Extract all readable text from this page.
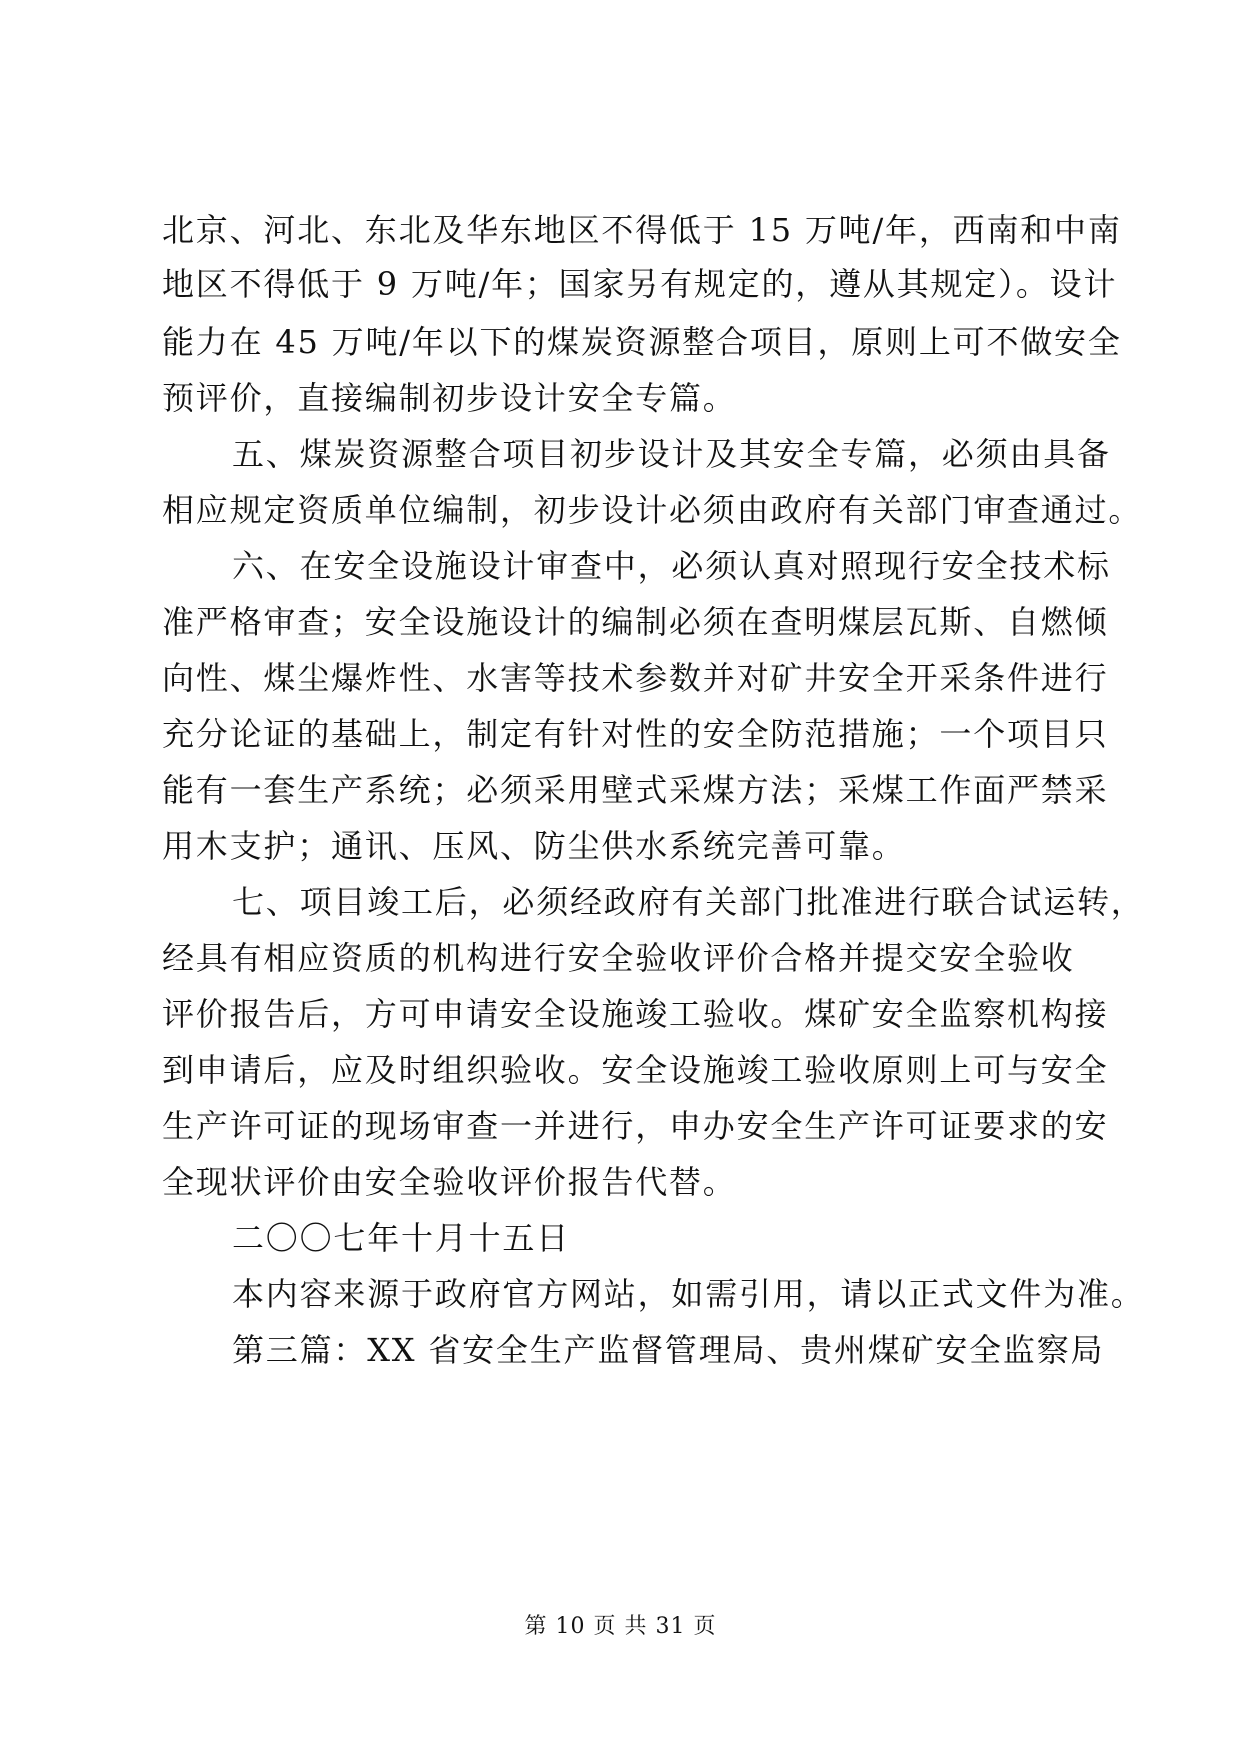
北京、河北、东北及华东地区不得低于 15 万吨/年，西南和中南
地区不得低于 9 万吨/年；国家另有规定的，遵从其规定）。设计
能力在 45 万吨/年以下的煤炭资源整合项目，原则上可不做安全
预评价，直接编制初步设计安全专篇。
五、煤炭资源整合项目初步设计及其安全专篇，必须由具备
相应规定资质单位编制，初步设计必须由政府有关部门审查通过。
六、在安全设施设计审查中，必须认真对照现行安全技术标
准严格审查；安全设施设计的编制必须在查明煤层瓦斯、自燃倾
向性、煤尘爆炸性、水害等技术参数并对矿井安全开采条件进行
充分论证的基础上，制定有针对性的安全防范措施；一个项目只
能有一套生产系统；必须采用壁式采煤方法；采煤工作面严禁采
用木支护；通讯、压风、防尘供水系统完善可靠。
七、项目竣工后，必须经政府有关部门批准进行联合试运转，
经具有相应资质的机构进行安全验收评价合格并提交安全验收
评价报告后，方可申请安全设施竣工验收。煤矿安全监察机构接
到申请后，应及时组织验收。安全设施竣工验收原则上可与安全
生产许可证的现场审查一并进行，申办安全生产许可证要求的安
全现状评价由安全验收评价报告代替。
二〇〇七年十月十五日
本内容来源于政府官方网站，如需引用，请以正式文件为准。
第三篇：XX 省安全生产监督管理局、贵州煤矿安全监察局
第 10 页 共 31 页
